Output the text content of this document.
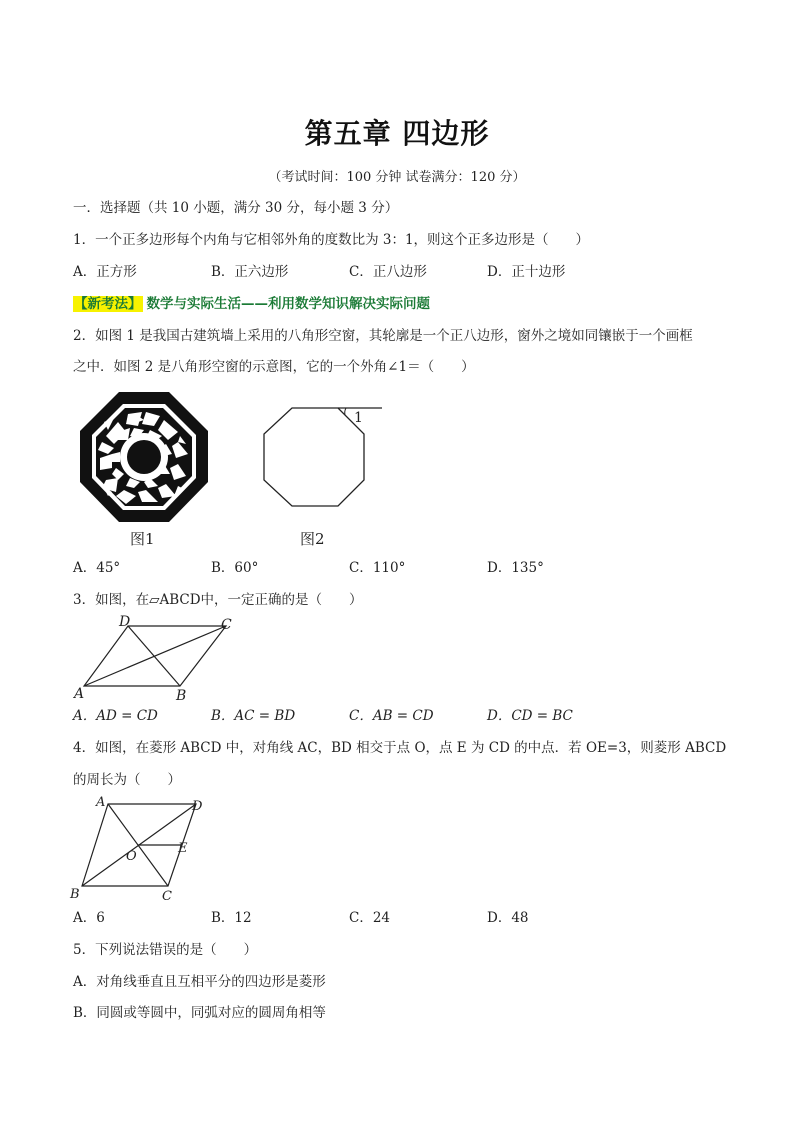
第五章 四边形
（考试时间：100 分钟 试卷满分：120 分）
一．选择题（共 10 小题，满分 30 分，每小题 3 分）
1．一个正多边形每个内角与它相邻外角的度数比为 3：1，则这个正多边形是（　　）
A．正方形	B．正六边形	C．正八边形	D．正十边形
【新考法】 数学与实际生活——利用数学知识解决实际问题
2．如图 1 是我国古建筑墙上采用的八角形空窗，其轮廓是一个正八边形，窗外之境如同镶嵌于一个画框
之中．如图 2 是八角形空窗的示意图，它的一个外角∠1＝（　　）
图1
1
图2
A．45°	B．60°	C．110°	D．135°
3．如图，在▱ABCD中，一定正确的是（　　）
A	B
C
D
A．AD = CD	B．AC = BD	C．AB = CD	D．CD = BC
4．如图，在菱形 ABCD 中，对角线 AC，BD 相交于点 O，点 E 为 CD 的中点．若 OE=3，则菱形 ABCD
的周长为（　　）
A	D
B	C
O
E
A．6	B．12	C．24	D．48
5．下列说法错误的是（　　）
A．对角线垂直且互相平分的四边形是菱形
B．同圆或等圆中，同弧对应的圆周角相等
